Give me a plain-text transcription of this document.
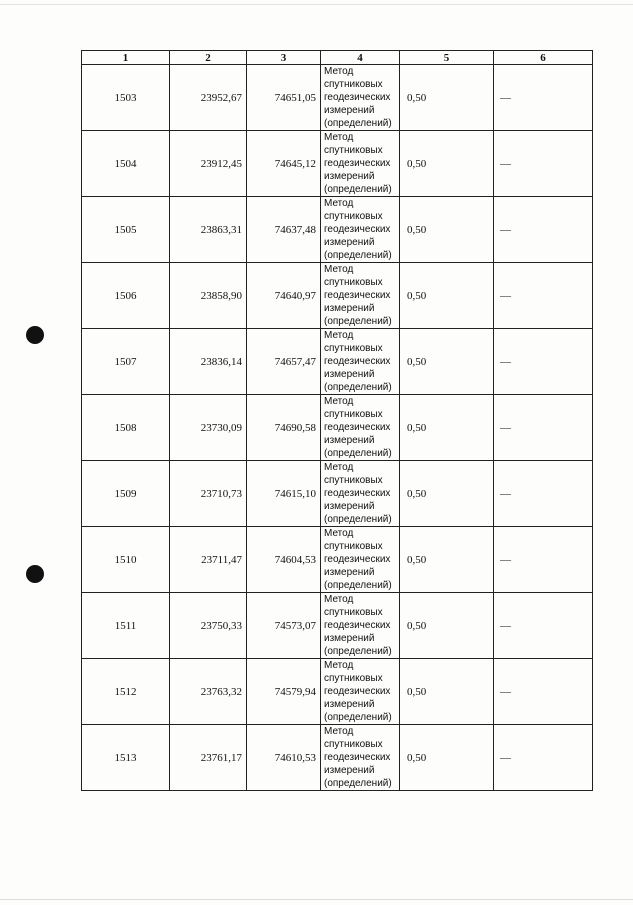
1	2	3	4	5	6
1503	23952,67	74651,05	Метод
спутниковых
геодезических
измерений
(определений)	0,50	—
1504	23912,45	74645,12	Метод
спутниковых
геодезических
измерений
(определений)	0,50	—
1505	23863,31	74637,48	Метод
спутниковых
геодезических
измерений
(определений)	0,50	—
1506	23858,90	74640,97	Метод
спутниковых
геодезических
измерений
(определений)	0,50	—
1507	23836,14	74657,47	Метод
спутниковых
геодезических
измерений
(определений)	0,50	—
1508	23730,09	74690,58	Метод
спутниковых
геодезических
измерений
(определений)	0,50	—
1509	23710,73	74615,10	Метод
спутниковых
геодезических
измерений
(определений)	0,50	—
1510	23711,47	74604,53	Метод
спутниковых
геодезических
измерений
(определений)	0,50	—
1511	23750,33	74573,07	Метод
спутниковых
геодезических
измерений
(определений)	0,50	—
1512	23763,32	74579,94	Метод
спутниковых
геодезических
измерений
(определений)	0,50	—
1513	23761,17	74610,53	Метод
спутниковых
геодезических
измерений
(определений)	0,50	—
